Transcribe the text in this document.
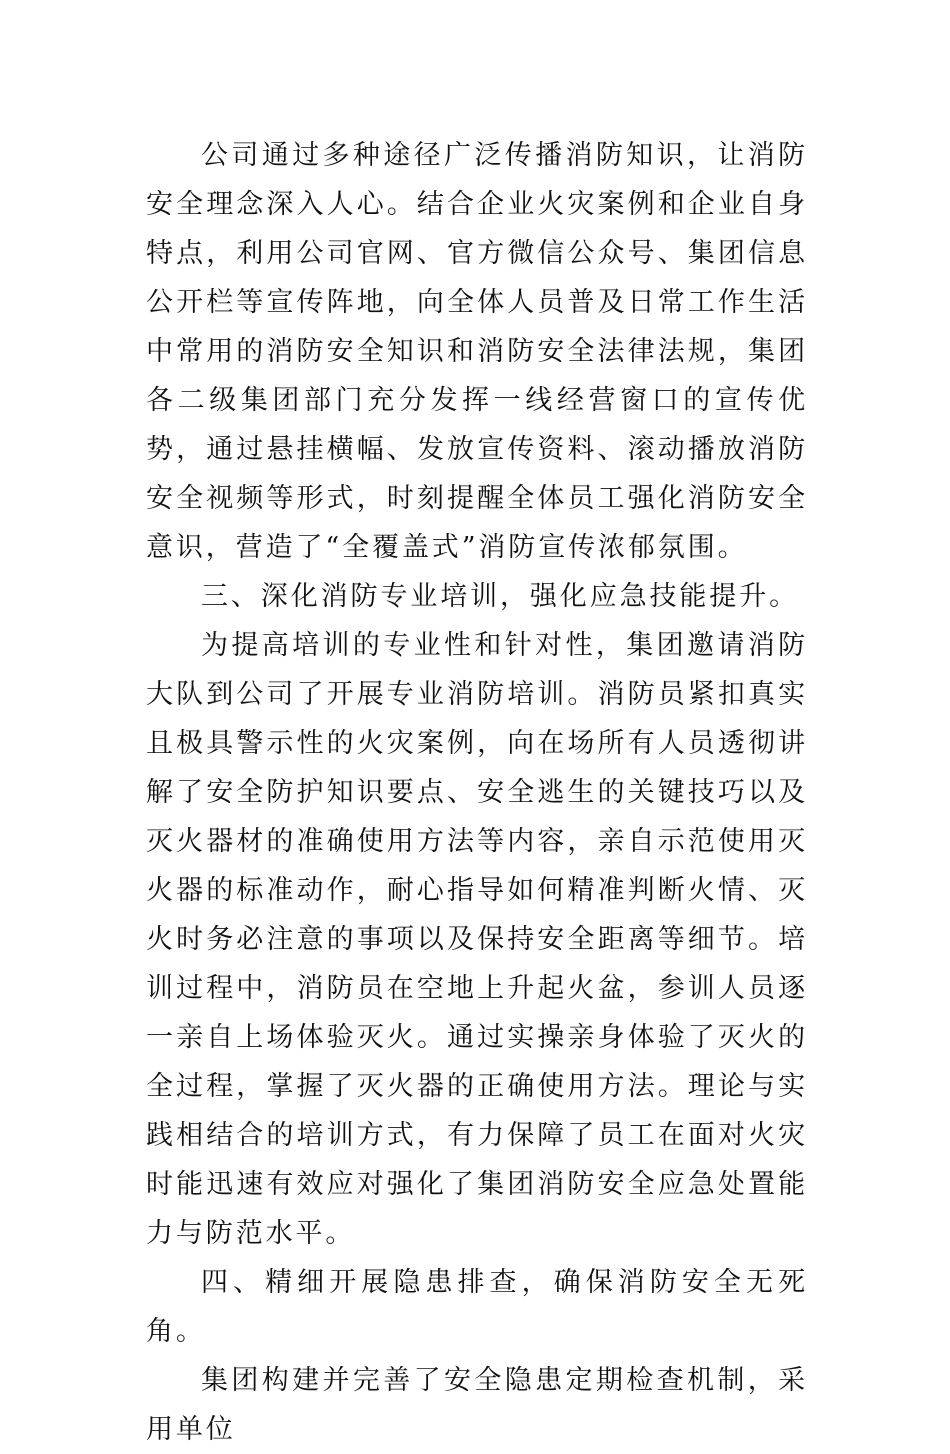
公司通过多种途径广泛传播消防知识，让消防安全理念深入人心。结合企业火灾案例和企业自身特点，利用公司官网、官方微信公众号、集团信息公开栏等宣传阵地，向全体人员普及日常工作生活中常用的消防安全知识和消防安全法律法规，集团各二级集团部门充分发挥一线经营窗口的宣传优势，通过悬挂横幅、发放宣传资料、滚动播放消防安全视频等形式，时刻提醒全体员工强化消防安全意识，营造了“全覆盖式”消防宣传浓郁氛围。

三、深化消防专业培训，强化应急技能提升。

为提高培训的专业性和针对性，集团邀请消防大队到公司了开展专业消防培训。消防员紧扣真实且极具警示性的火灾案例，向在场所有人员透彻讲解了安全防护知识要点、安全逃生的关键技巧以及灭火器材的准确使用方法等内容，亲自示范使用灭火器的标准动作，耐心指导如何精准判断火情、灭火时务必注意的事项以及保持安全距离等细节。培训过程中，消防员在空地上升起火盆，参训人员逐一亲自上场体验灭火。通过实操亲身体验了灭火的全过程，掌握了灭火器的正确使用方法。理论与实践相结合的培训方式，有力保障了员工在面对火灾时能迅速有效应对强化了集团消防安全应急处置能力与防范水平。

四、精细开展隐患排查，确保消防安全无死角。

集团构建并完善了安全隐患定期检查机制，采用单位
